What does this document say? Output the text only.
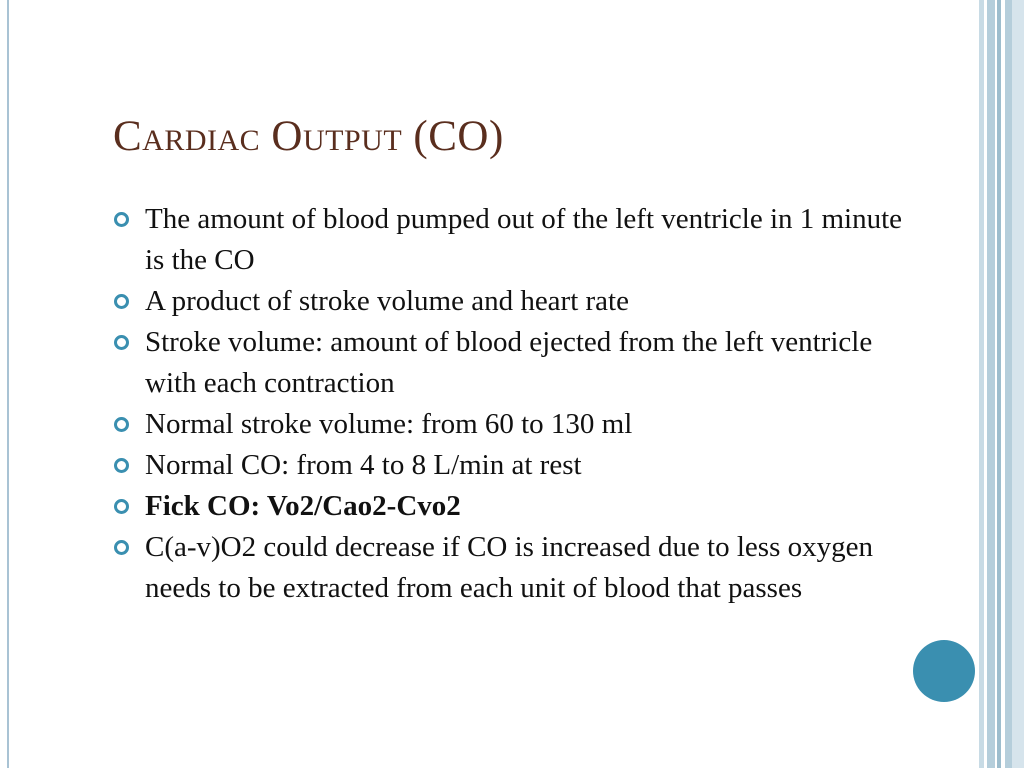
Cardiac Output (CO)
The amount of blood pumped out of the left ventricle in 1 minute is the CO
A product of stroke volume and heart rate
Stroke volume: amount of blood ejected from the left ventricle with each contraction
Normal stroke volume: from 60 to 130 ml
Normal CO: from 4 to 8 L/min at rest
Fick CO: Vo2/Cao2-Cvo2
C(a-v)O2 could decrease if CO is increased due to less oxygen needs to be extracted from each unit of blood that passes
